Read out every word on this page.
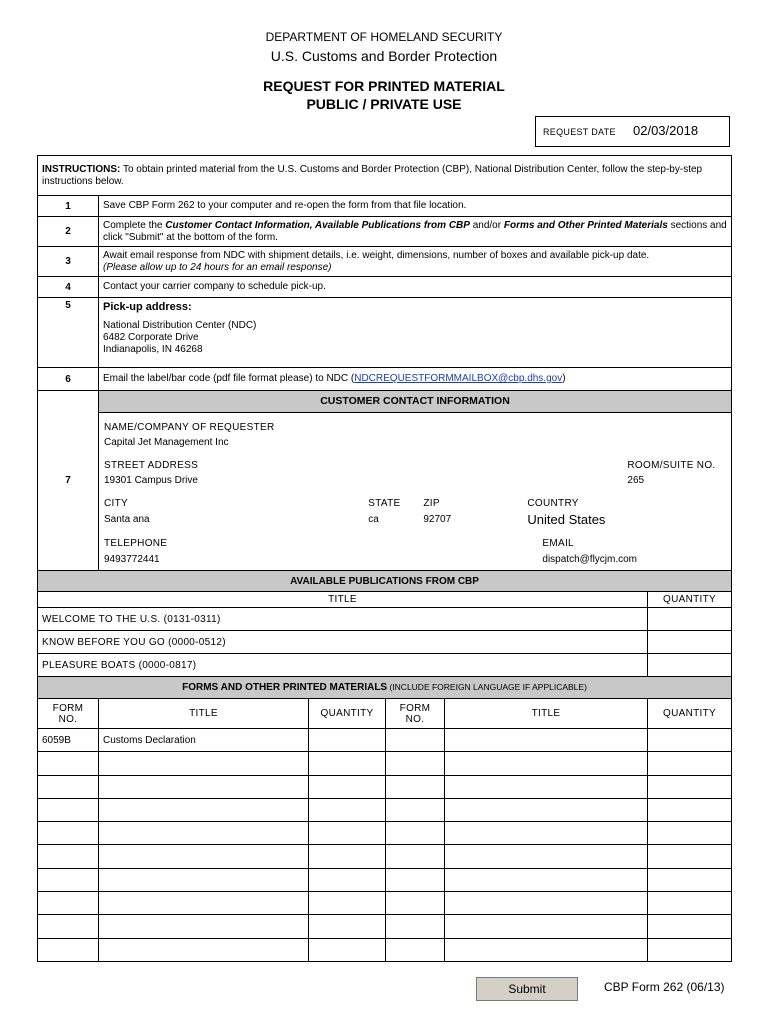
DEPARTMENT OF HOMELAND SECURITY
U.S. Customs and Border Protection
REQUEST FOR PRINTED MATERIAL
PUBLIC / PRIVATE USE
REQUEST DATE 02/03/2018
INSTRUCTIONS: To obtain printed material from the U.S. Customs and Border Protection (CBP), National Distribution Center, follow the step-by-step instructions below.
1	Save CBP Form 262 to your computer and re-open the form from that file location.
2	Complete the Customer Contact Information, Available Publications from CBP and/or Forms and Other Printed Materials sections and click "Submit" at the bottom of the form.
3	Await email response from NDC with shipment details, i.e. weight, dimensions, number of boxes and available pick-up date.
(Please allow up to 24 hours for an email response)
4	Contact your carrier company to schedule pick-up.
5	Pick-up address:
National Distribution Center (NDC)
6482 Corporate Drive
Indianapolis, IN 46268

6	Email the label/bar code (pdf file format please) to NDC (NDCREQUESTFORMMAILBOX@cbp.dhs.gov)
7	
CUSTOMER CONTACT INFORMATION
NAME/COMPANY OF REQUESTER
Capital Jet Management Inc
STREET ADDRESS	ROOM/SUITE NO.
19301 Campus Drive	265
CITY	STATE	ZIP	COUNTRY
Santa ana	ca	92707	United States
TELEPHONE	EMAIL
9493772441	dispatch@flycjm.com

AVAILABLE PUBLICATIONS FROM CBP
TITLE	QUANTITY
WELCOME TO THE U.S. (0131-0311)	
KNOW BEFORE YOU GO (0000-0512)	
PLEASURE BOATS (0000-0817)	
FORMS AND OTHER PRINTED MATERIALS (INCLUDE FOREIGN LANGUAGE IF APPLICABLE)
FORM NO.	TITLE	QUANTITY	FORM NO.	TITLE	QUANTITY
6059B	Customs Declaration				

Submit	CBP Form 262 (06/13)
